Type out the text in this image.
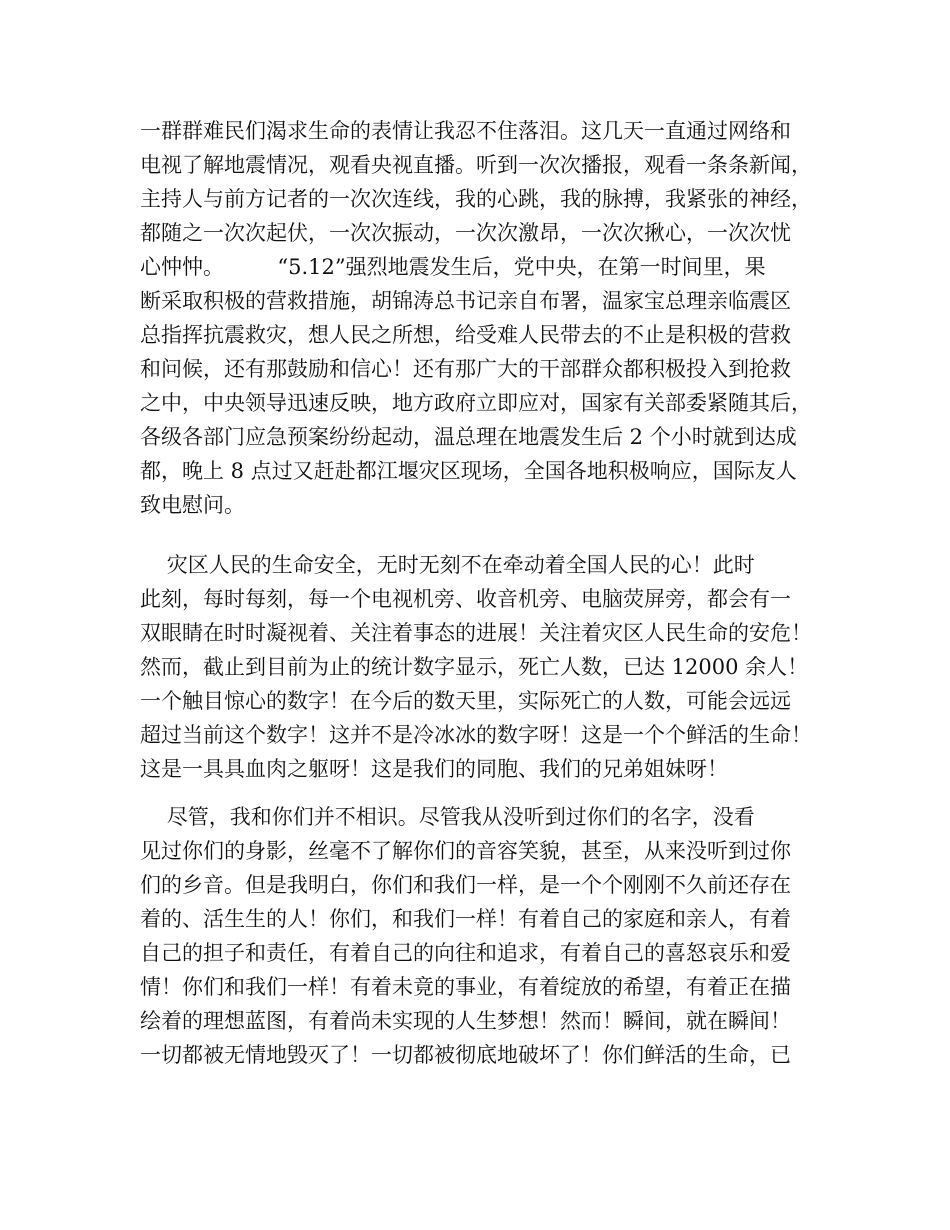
一群群难民们渴求生命的表情让我忍不住落泪。这几天一直通过网络和
电视了解地震情况，观看央视直播。听到一次次播报，观看一条条新闻，
主持人与前方记者的一次次连线，我的心跳，我的脉搏，我紧张的神经，
都随之一次次起伏，一次次振动，一次次激昂，一次次揪心，一次次忧
心忡忡。        “5.12”强烈地震发生后，党中央，在第一时间里，果
断采取积极的营救措施，胡锦涛总书记亲自布署，温家宝总理亲临震区
总指挥抗震救灾，想人民之所想，给受难人民带去的不止是积极的营救
和问候，还有那鼓励和信心！还有那广大的干部群众都积极投入到抢救
之中，中央领导迅速反映，地方政府立即应对，国家有关部委紧随其后，
各级各部门应急预案纷纷起动，温总理在地震发生后 2 个小时就到达成
都，晚上 8 点过又赶赴都江堰灾区现场，全国各地积极响应，国际友人
致电慰问。
灾区人民的生命安全，无时无刻不在牵动着全国人民的心！此时
此刻，每时每刻，每一个电视机旁、收音机旁、电脑荧屏旁，都会有一
双眼睛在时时凝视着、关注着事态的进展！关注着灾区人民生命的安危！
然而，截止到目前为止的统计数字显示，死亡人数，已达 12000 余人！
一个触目惊心的数字！在今后的数天里，实际死亡的人数，可能会远远
超过当前这个数字！这并不是冷冰冰的数字呀！这是一个个鲜活的生命！
这是一具具血肉之躯呀！这是我们的同胞、我们的兄弟姐妹呀！
尽管，我和你们并不相识。尽管我从没听到过你们的名字，没看
见过你们的身影，丝毫不了解你们的音容笑貌，甚至，从来没听到过你
们的乡音。但是我明白，你们和我们一样，是一个个刚刚不久前还存在
着的、活生生的人！你们，和我们一样！有着自己的家庭和亲人，有着
自己的担子和责任，有着自己的向往和追求，有着自己的喜怒哀乐和爱
情！你们和我们一样！有着未竟的事业，有着绽放的希望，有着正在描
绘着的理想蓝图，有着尚未实现的人生梦想！然而！瞬间，就在瞬间！
一切都被无情地毁灭了！一切都被彻底地破坏了！你们鲜活的生命，已
